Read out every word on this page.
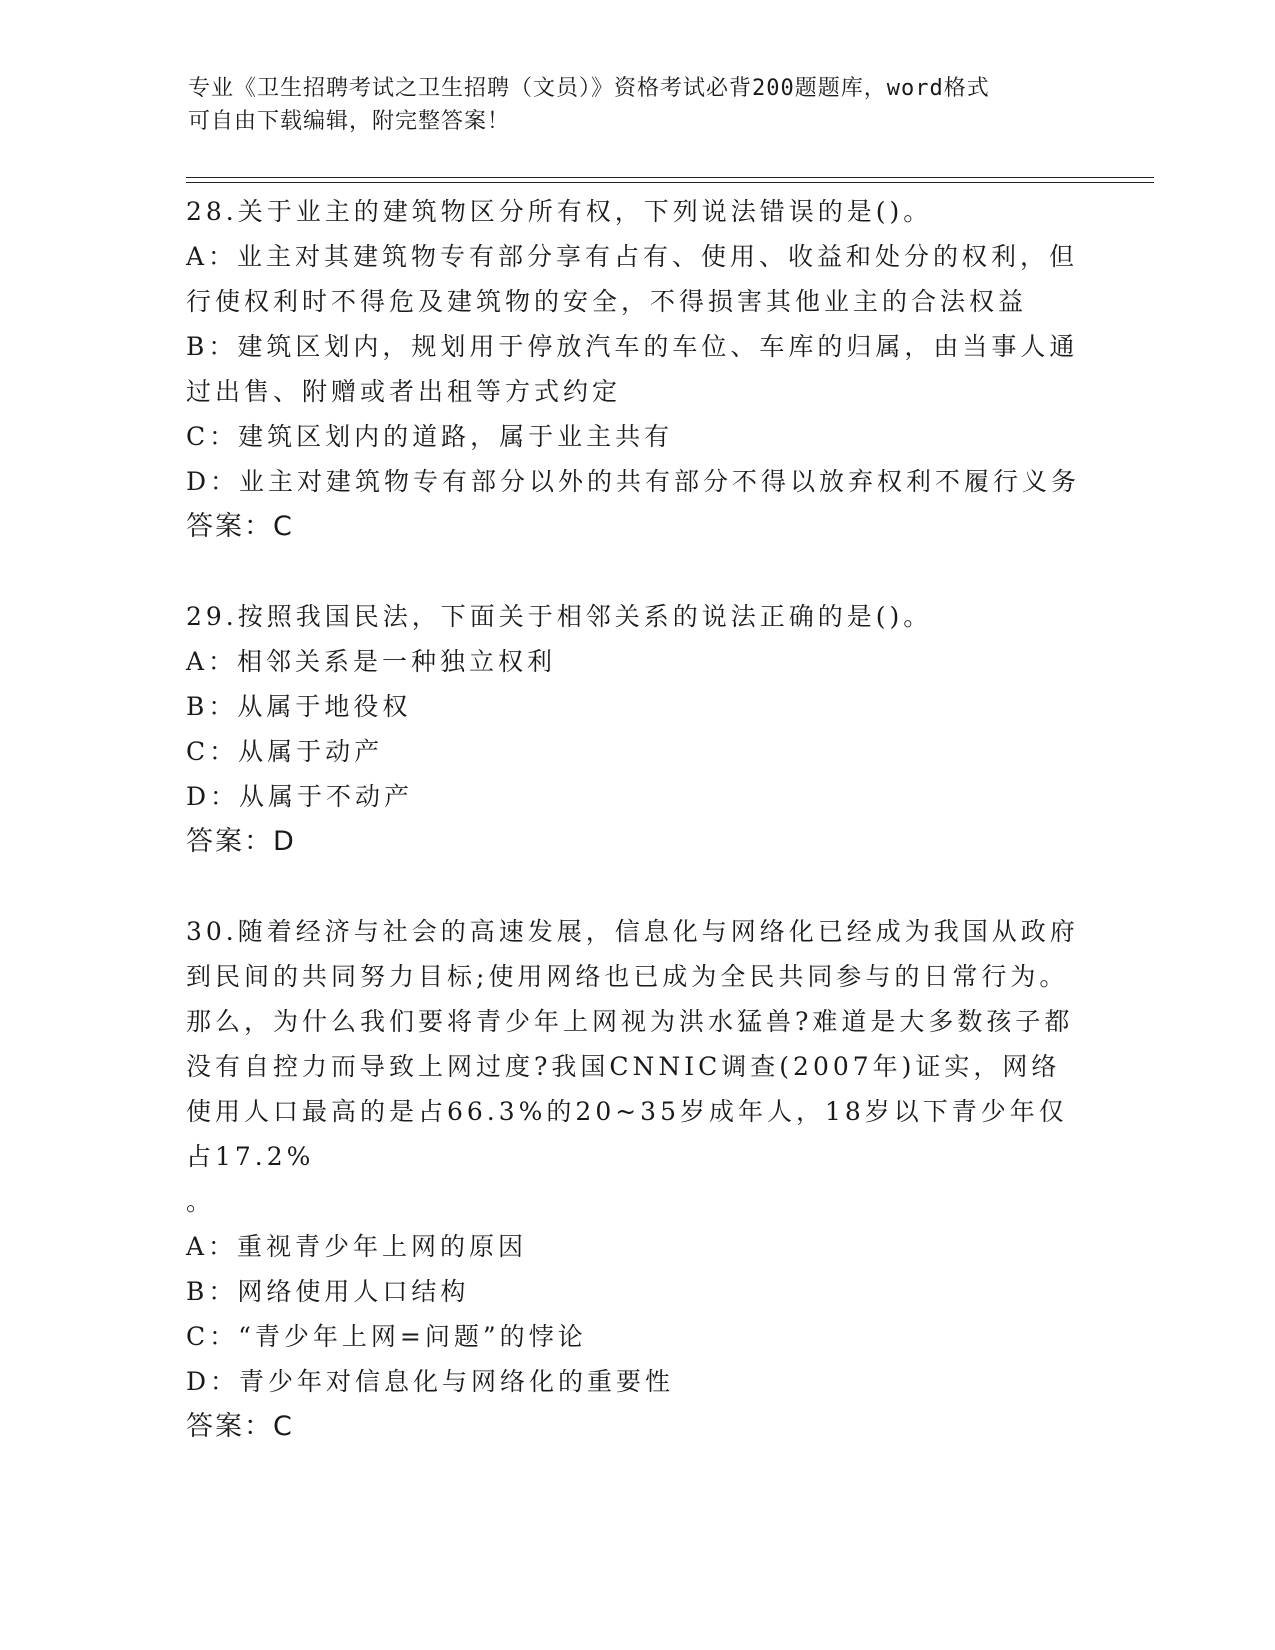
专业《卫生招聘考试之卫生招聘（文员）》资格考试必背200题题库，word格式

可自由下载编辑，附完整答案！

28.关于业主的建筑物区分所有权，下列说法错误的是()。

A：业主对其建筑物专有部分享有占有、使用、收益和处分的权利，但行使权利时不得危及建筑物的安全，不得损害其他业主的合法权益

B：建筑区划内，规划用于停放汽车的车位、车库的归属，由当事人通过出售、附赠或者出租等方式约定

C：建筑区划内的道路，属于业主共有

D：业主对建筑物专有部分以外的共有部分不得以放弃权利不履行义务

答案：C

29.按照我国民法，下面关于相邻关系的说法正确的是()。

A：相邻关系是一种独立权利

B：从属于地役权

C：从属于动产

D：从属于不动产

答案：D

30.随着经济与社会的高速发展，信息化与网络化已经成为我国从政府到民间的共同努力目标;使用网络也已成为全民共同参与的日常行为。那么，为什么我们要将青少年上网视为洪水猛兽?难道是大多数孩子都没有自控力而导致上网过度?我国CNNIC调查(2007年)证实，网络使用人口最高的是占66.3%的20~35岁成年人，18岁以下青少年仅占17.2%

。

A：重视青少年上网的原因

B：网络使用人口结构

C：“青少年上网=问题”的悖论

D：青少年对信息化与网络化的重要性

答案：C
